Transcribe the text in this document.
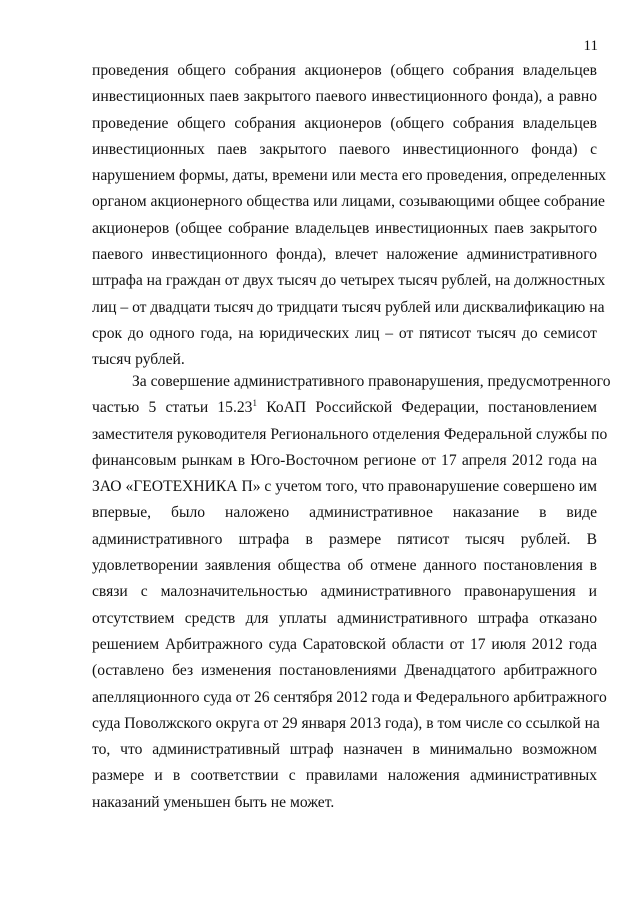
11
проведения общего собрания акционеров (общего собрания владельцев
инвестиционных паев закрытого паевого инвестиционного фонда), а равно
проведение общего собрания акционеров (общего собрания владельцев
инвестиционных паев закрытого паевого инвестиционного фонда) с
нарушением формы, даты, времени или места его проведения, определенных
органом акционерного общества или лицами, созывающими общее собрание
акционеров (общее собрание владельцев инвестиционных паев закрытого
паевого инвестиционного фонда), влечет наложение административного
штрафа на граждан от двух тысяч до четырех тысяч рублей, на должностных
лиц – от двадцати тысяч до тридцати тысяч рублей или дисквалификацию на
срок до одного года, на юридических лиц – от пятисот тысяч до семисот
тысяч рублей.
За совершение административного правонарушения, предусмотренного
частью 5 статьи 15.23$^1$ КоАП Российской Федерации, постановлением
заместителя руководителя Регионального отделения Федеральной службы по
финансовым рынкам в Юго-Восточном регионе от 17 апреля 2012 года на
ЗАО «ГЕОТЕХНИКА П» с учетом того, что правонарушение совершено им
впервые, было наложено административное наказание в виде
административного штрафа в размере пятисот тысяч рублей. В
удовлетворении заявления общества об отмене данного постановления в
связи с малозначительностью административного правонарушения и
отсутствием средств для уплаты административного штрафа отказано
решением Арбитражного суда Саратовской области от 17 июля 2012 года
(оставлено без изменения постановлениями Двенадцатого арбитражного
апелляционного суда от 26 сентября 2012 года и Федерального арбитражного
суда Поволжского округа от 29 января 2013 года), в том числе со ссылкой на
то, что административный штраф назначен в минимально возможном
размере и в соответствии с правилами наложения административных
наказаний уменьшен быть не может.
